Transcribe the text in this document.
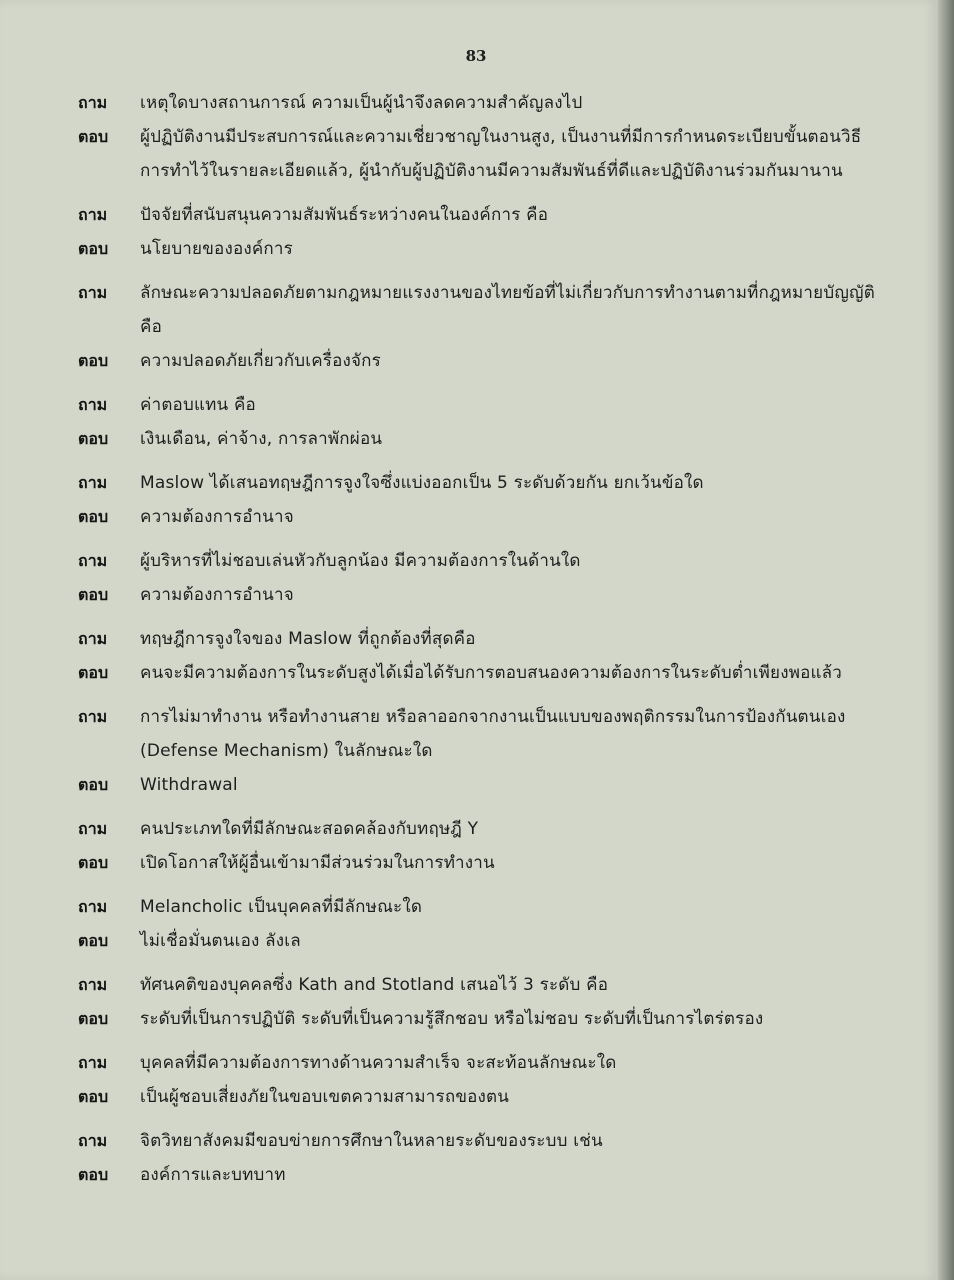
83
ถาม	เหตุใดบางสถานการณ์ ความเป็นผู้นำจึงลดความสำคัญลงไป
ตอบ	ผู้ปฏิบัติงานมีประสบการณ์และความเชี่ยวชาญในงานสูง, เป็นงานที่มีการกำหนดระเบียบขั้นตอนวิธีการทำไว้ในรายละเอียดแล้ว, ผู้นำกับผู้ปฏิบัติงานมีความสัมพันธ์ที่ดีและปฏิบัติงานร่วมกันมานาน
ถาม	ปัจจัยที่สนับสนุนความสัมพันธ์ระหว่างคนในองค์การ คือ
ตอบ	นโยบายขององค์การ
ถาม	ลักษณะความปลอดภัยตามกฎหมายแรงงานของไทยข้อที่ไม่เกี่ยวกับการทำงานตามที่กฎหมายบัญญัติคือ
ตอบ	ความปลอดภัยเกี่ยวกับเครื่องจักร
ถาม	ค่าตอบแทน คือ
ตอบ	เงินเดือน, ค่าจ้าง, การลาพักผ่อน
ถาม	Maslow ได้เสนอทฤษฎีการจูงใจซึ่งแบ่งออกเป็น 5 ระดับด้วยกัน ยกเว้นข้อใด
ตอบ	ความต้องการอำนาจ
ถาม	ผู้บริหารที่ไม่ชอบเล่นหัวกับลูกน้อง มีความต้องการในด้านใด
ตอบ	ความต้องการอำนาจ
ถาม	ทฤษฎีการจูงใจของ Maslow ที่ถูกต้องที่สุดคือ
ตอบ	คนจะมีความต้องการในระดับสูงได้เมื่อได้รับการตอบสนองความต้องการในระดับต่ำเพียงพอแล้ว
ถาม	การไม่มาทำงาน หรือทำงานสาย หรือลาออกจากงานเป็นแบบของพฤติกรรมในการป้องกันตนเอง (Defense Mechanism) ในลักษณะใด
ตอบ	Withdrawal
ถาม	คนประเภทใดที่มีลักษณะสอดคล้องกับทฤษฎี Y
ตอบ	เปิดโอกาสให้ผู้อื่นเข้ามามีส่วนร่วมในการทำงาน
ถาม	Melancholic เป็นบุคคลที่มีลักษณะใด
ตอบ	ไม่เชื่อมั่นตนเอง ลังเล
ถาม	ทัศนคติของบุคคลซึ่ง Kath and Stotland เสนอไว้ 3 ระดับ คือ
ตอบ	ระดับที่เป็นการปฏิบัติ ระดับที่เป็นความรู้สึกชอบ หรือไม่ชอบ ระดับที่เป็นการไตร่ตรอง
ถาม	บุคคลที่มีความต้องการทางด้านความสำเร็จ จะสะท้อนลักษณะใด
ตอบ	เป็นผู้ชอบเสี่ยงภัยในขอบเขตความสามารถของตน
ถาม	จิตวิทยาสังคมมีขอบข่ายการศึกษาในหลายระดับของระบบ เช่น
ตอบ	องค์การและบทบาท
